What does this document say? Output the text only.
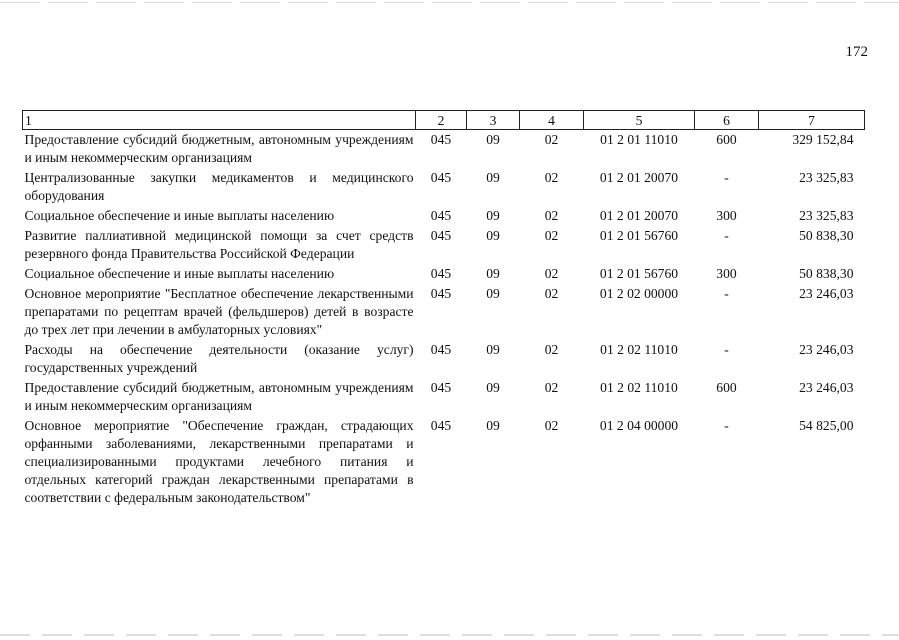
172
1	2	3	4	5	6	7
Предоставление субсидий бюджетным, автономным учреждениям и иным некоммерческим организациям	045	09	02	01 2 01 11010	600	329 152,84
Централизованные закупки медикаментов и медицинского оборудования	045	09	02	01 2 01 20070	-	23 325,83
Социальное обеспечение и иные выплаты населению	045	09	02	01 2 01 20070	300	23 325,83
Развитие паллиативной медицинской помощи за счет средств резервного фонда Правительства Российской Федерации	045	09	02	01 2 01 56760	-	50 838,30
Социальное обеспечение и иные выплаты населению	045	09	02	01 2 01 56760	300	50 838,30
Основное мероприятие "Бесплатное обеспечение лекарственными препаратами по рецептам врачей (фельдшеров) детей в возрасте до трех лет при лечении в амбулаторных условиях"	045	09	02	01 2 02 00000	-	23 246,03
Расходы на обеспечение деятельности (оказание услуг) государственных учреждений	045	09	02	01 2 02 11010	-	23 246,03
Предоставление субсидий бюджетным, автономным учреждениям и иным некоммерческим организациям	045	09	02	01 2 02 11010	600	23 246,03
Основное мероприятие "Обеспечение граждан, страдающих орфанными заболеваниями, лекарственными препаратами и специализированными продуктами лечебного питания и отдельных категорий граждан лекарственными препаратами в соответствии с федеральным законодательством"	045	09	02	01 2 04 00000	-	54 825,00
